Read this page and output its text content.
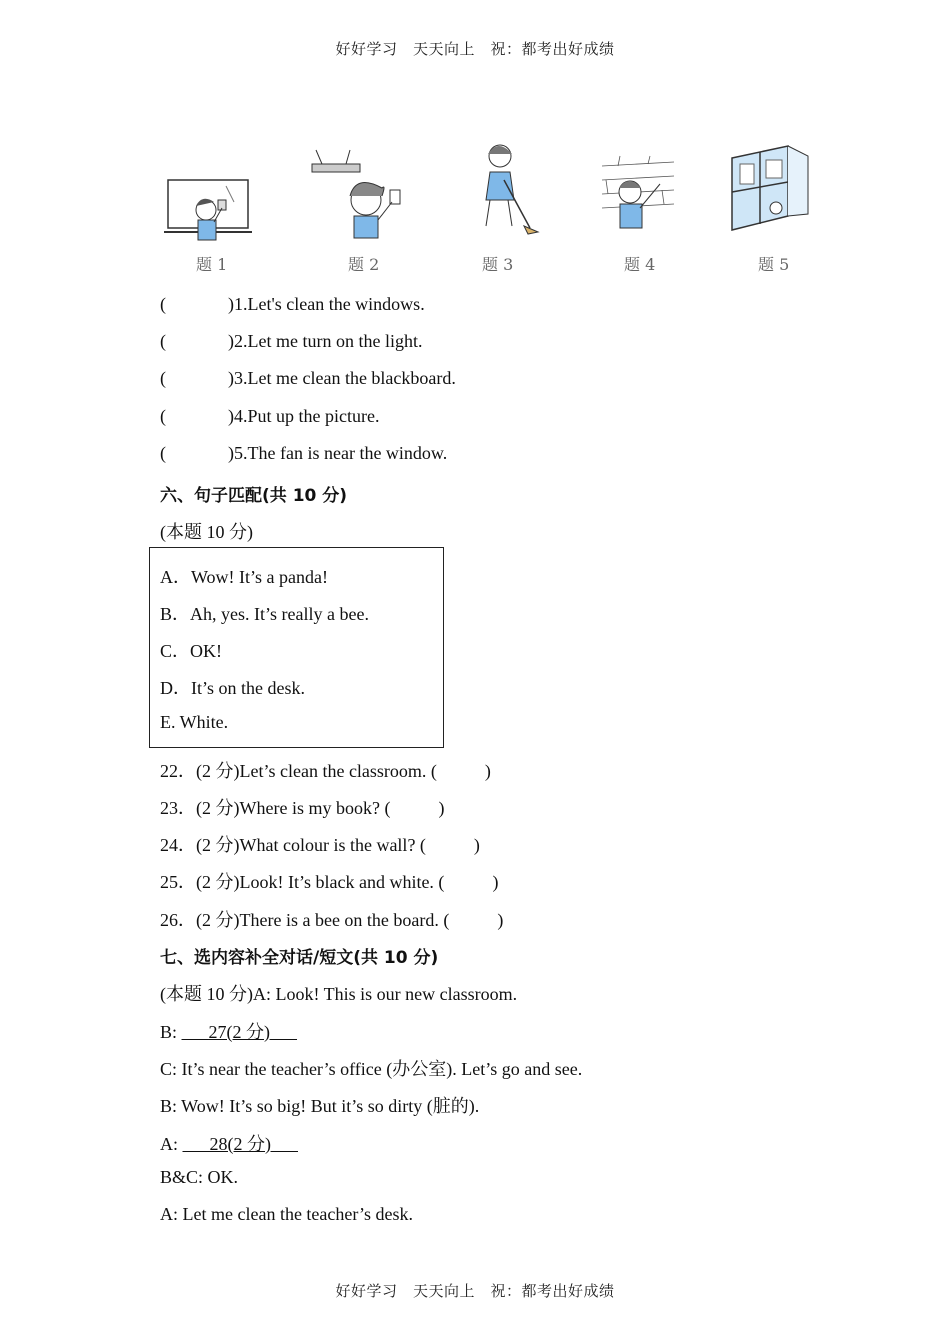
好好学习　天天向上　祝：都考出好成绩
题 1	题 2	题 3	题 4	题 5
(	)1.Let's clean the windows.
(	)2.Let me turn on the light.
(	)3.Let me clean the blackboard.
(	)4.Put up the picture.
(	)5.The fan is near the window.
六、句子匹配(共 10 分)
(本题 10 分)
A．Wow! It’s a panda!
B．Ah, yes. It’s really a bee.
C．OK!
D．It’s on the desk.
E. White.
22．(2 分)Let’s clean the classroom. (	)
23．(2 分)Where is my book? (	)
24．(2 分)What colour is the wall? (	)
25．(2 分)Look! It’s black and white. (	)
26．(2 分)There is a bee on the board. (	)
七、选内容补全对话/短文(共 10 分)
(本题 10 分)A: Look! This is our new classroom.
B:    27(2 分)   
C: It’s near the teacher’s office (办公室). Let’s go and see.
B: Wow! It’s so big! But it’s so dirty (脏的).
A:    28(2 分)   
B&C: OK.
A: Let me clean the teacher’s desk.
好好学习　天天向上　祝：都考出好成绩
